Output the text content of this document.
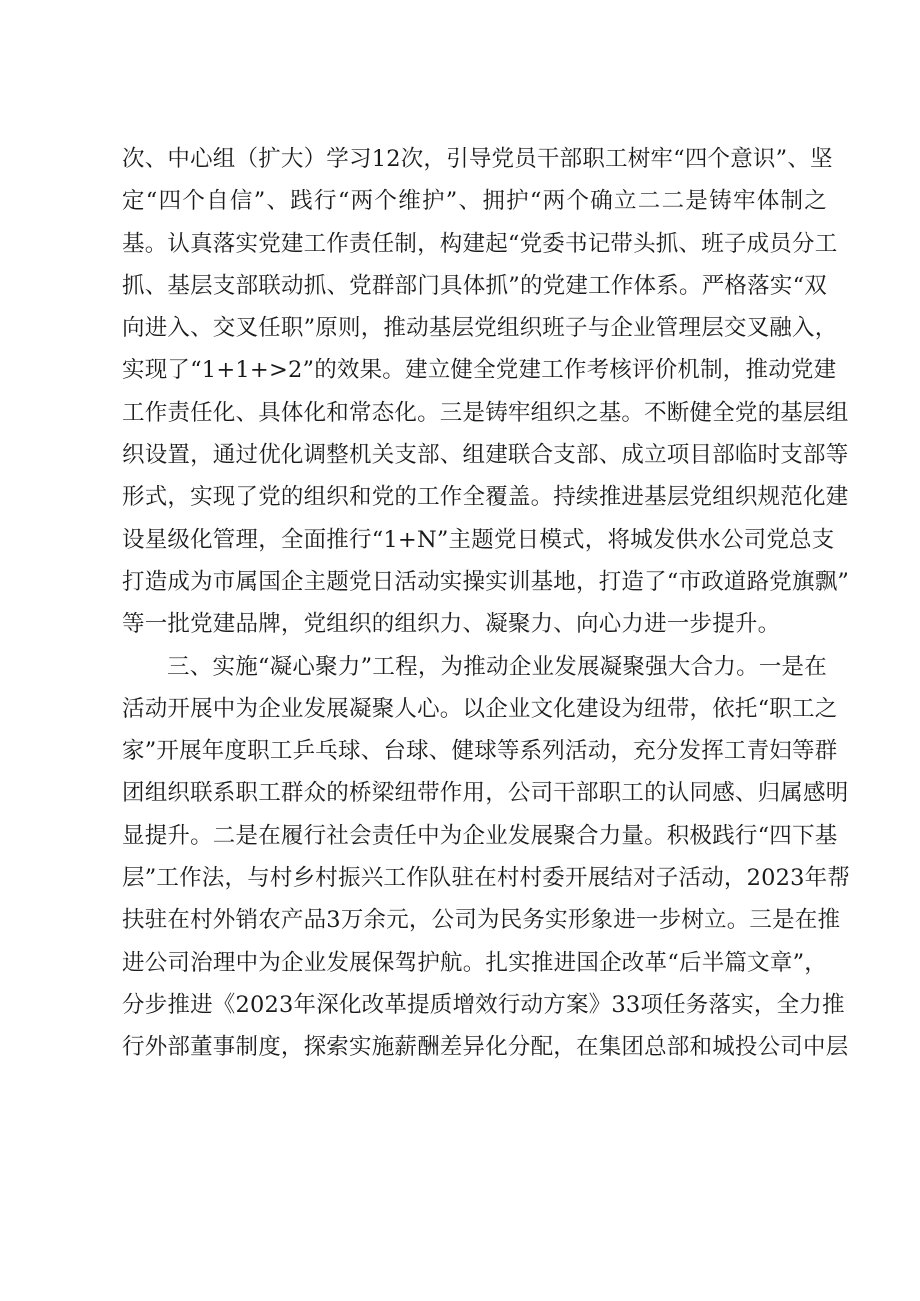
次、中心组（扩大）学习12次，引导党员干部职工树牢“四个意识”、坚
定“四个自信”、践行“两个维护”、拥护“两个确立二二是铸牢体制之
基。认真落实党建工作责任制，构建起“党委书记带头抓、班子成员分工
抓、基层支部联动抓、党群部门具体抓”的党建工作体系。严格落实“双
向进入、交叉任职”原则，推动基层党组织班子与企业管理层交叉融入，
实现了“1+1+>2”的效果。建立健全党建工作考核评价机制，推动党建
工作责任化、具体化和常态化。三是铸牢组织之基。不断健全党的基层组
织设置，通过优化调整机关支部、组建联合支部、成立项目部临时支部等
形式，实现了党的组织和党的工作全覆盖。持续推进基层党组织规范化建
设星级化管理，全面推行“1+N”主题党日模式，将城发供水公司党总支
打造成为市属国企主题党日活动实操实训基地，打造了“市政道路党旗飘”
等一批党建品牌，党组织的组织力、凝聚力、向心力进一步提升。
三、实施“凝心聚力”工程，为推动企业发展凝聚强大合力。一是在
活动开展中为企业发展凝聚人心。以企业文化建设为纽带，依托“职工之
家”开展年度职工乒乓球、台球、健球等系列活动，充分发挥工青妇等群
团组织联系职工群众的桥梁纽带作用，公司干部职工的认同感、归属感明
显提升。二是在履行社会责任中为企业发展聚合力量。积极践行“四下基
层”工作法，与村乡村振兴工作队驻在村村委开展结对子活动，2023年帮
扶驻在村外销农产品3万余元，公司为民务实形象进一步树立。三是在推
进公司治理中为企业发展保驾护航。扎实推进国企改革“后半篇文章”，
分步推进《2023年深化改革提质增效行动方案》33项任务落实，全力推
行外部董事制度，探索实施薪酬差异化分配，在集团总部和城投公司中层
